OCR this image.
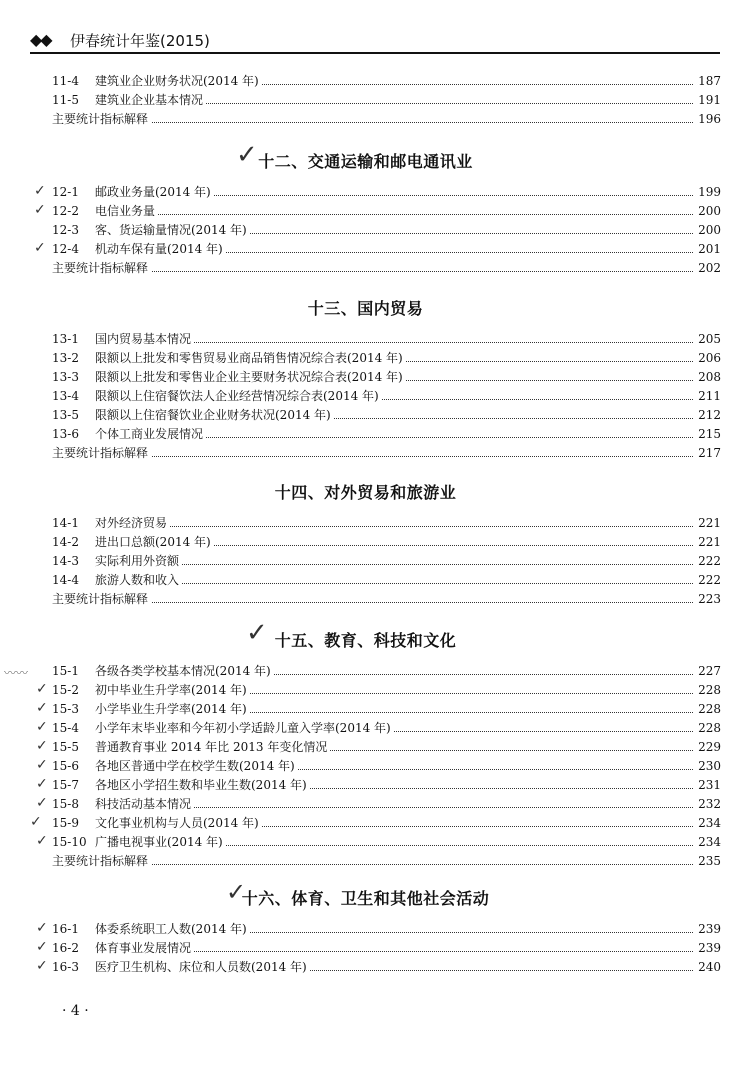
◆◆ 伊春统计年鉴(2015)
11-4 建筑业企业财务状况(2014 年)	187
11-5 建筑业企业基本情况	191
主要统计指标解释	196
十二、交通运输和邮电通讯业
✓
12-1 邮政业务量(2014 年)	199
12-2 电信业务量	200
12-3 客、货运输量情况(2014 年)	200
12-4 机动车保有量(2014 年)	201
主要统计指标解释	202
✓
✓
✓
十三、国内贸易
13-1 国内贸易基本情况	205
13-2 限额以上批发和零售贸易业商品销售情况综合表(2014 年)	206
13-3 限额以上批发和零售业企业主要财务状况综合表(2014 年)	208
13-4 限额以上住宿餐饮法人企业经营情况综合表(2014 年)	211
13-5 限额以上住宿餐饮业企业财务状况(2014 年)	212
13-6 个体工商业发展情况	215
主要统计指标解释	217
十四、对外贸易和旅游业
14-1 对外经济贸易	221
14-2 进出口总额(2014 年)	221
14-3 实际利用外资额	222
14-4 旅游人数和收入	222
主要统计指标解释	223
十五、教育、科技和文化
✓
15-1 各级各类学校基本情况(2014 年)	227
15-2 初中毕业生升学率(2014 年)	228
15-3 小学毕业生升学率(2014 年)	228
15-4 小学年末毕业率和今年初小学适龄儿童入学率(2014 年)	228
15-5 普通教育事业 2014 年比 2013 年变化情况	229
15-6 各地区普通中学在校学生数(2014 年)	230
15-7 各地区小学招生数和毕业生数(2014 年)	231
15-8 科技活动基本情况	232
15-9 文化事业机构与人员(2014 年)	234
15-10 广播电视事业(2014 年)	234
主要统计指标解释	235
✓
✓
✓
✓
✓
✓
✓
✓
✓
〰〰
十六、体育、卫生和其他社会活动
✓
16-1 体委系统职工人数(2014 年)	239
16-2 体育事业发展情况	239
16-3 医疗卫生机构、床位和人员数(2014 年)	240
✓
✓
✓
· 4 ·
